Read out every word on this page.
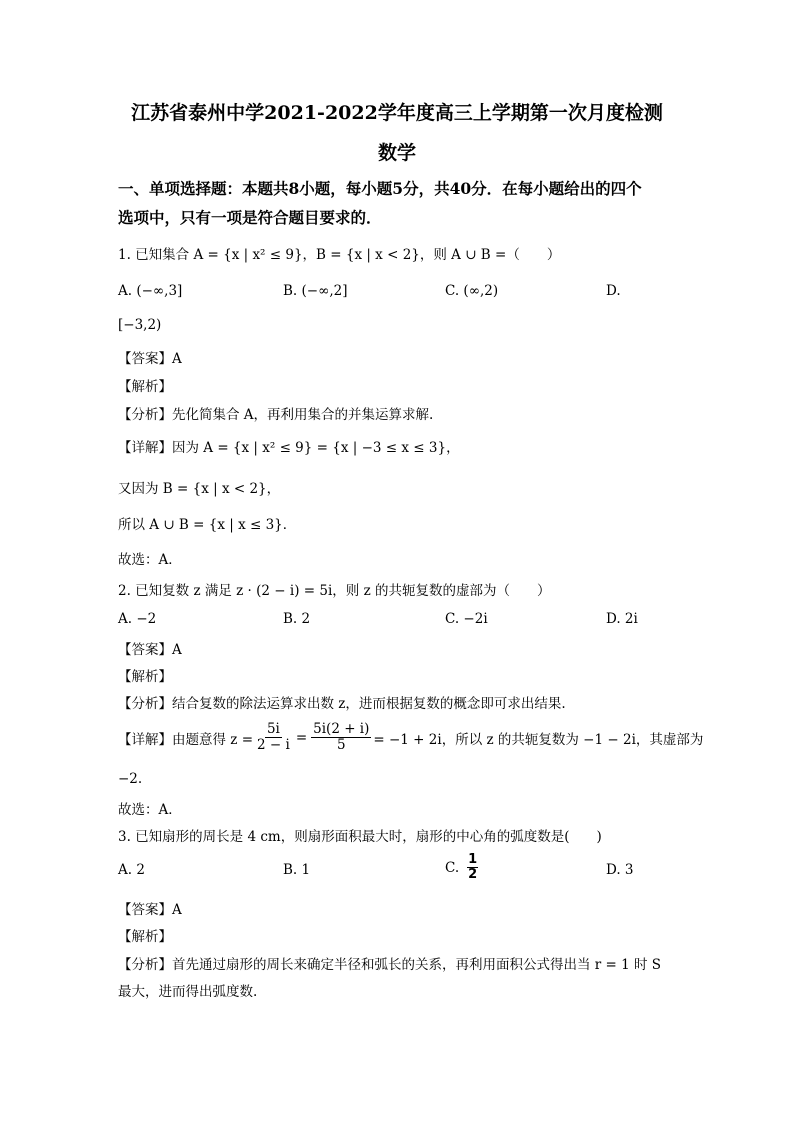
江苏省泰州中学2021-2022学年度高三上学期第一次月度检测
数学
一、单项选择题：本题共8小题，每小题5分，共40分．在每小题给出的四个
选项中，只有一项是符合题目要求的．
1. 已知集合 A = {x | x² ≤ 9}，B = {x | x < 2}，则 A ∪ B =（　　）
A. (−∞,3]	B. (−∞,2]	C. (∞,2)	D.
[−3,2)
【答案】A
【解析】
【分析】先化简集合 A，再利用集合的并集运算求解.
【详解】因为 A = {x | x² ≤ 9} = {x | −3 ≤ x ≤ 3}，
又因为 B = {x | x < 2}，
所以 A ∪ B = {x | x ≤ 3}．
故选：A．
2. 已知复数 z 满足 z · (2 − i) = 5i，则 z 的共轭复数的虚部为（　　）
A. −2	B. 2	C. −2i	D. 2i
【答案】A
【解析】
【分析】结合复数的除法运算求出数 z，进而根据复数的概念即可求出结果.
【详解】由题意得 $z = \frac{5i}{2 - i} = \frac{5i(2 + i)}{5} = -1 + 2i$，所以 z 的共轭复数为 −1 − 2i，其虚部为
−2.
故选：A．
3. 已知扇形的周长是 4 cm，则扇形面积最大时，扇形的中心角的弧度数是(　　)
A. 2	B. 1	C. $\frac{1}{2}$	D. 3
【答案】A
【解析】
【分析】首先通过扇形的周长来确定半径和弧长的关系，再利用面积公式得出当 r = 1 时 S
最大，进而得出弧度数.
